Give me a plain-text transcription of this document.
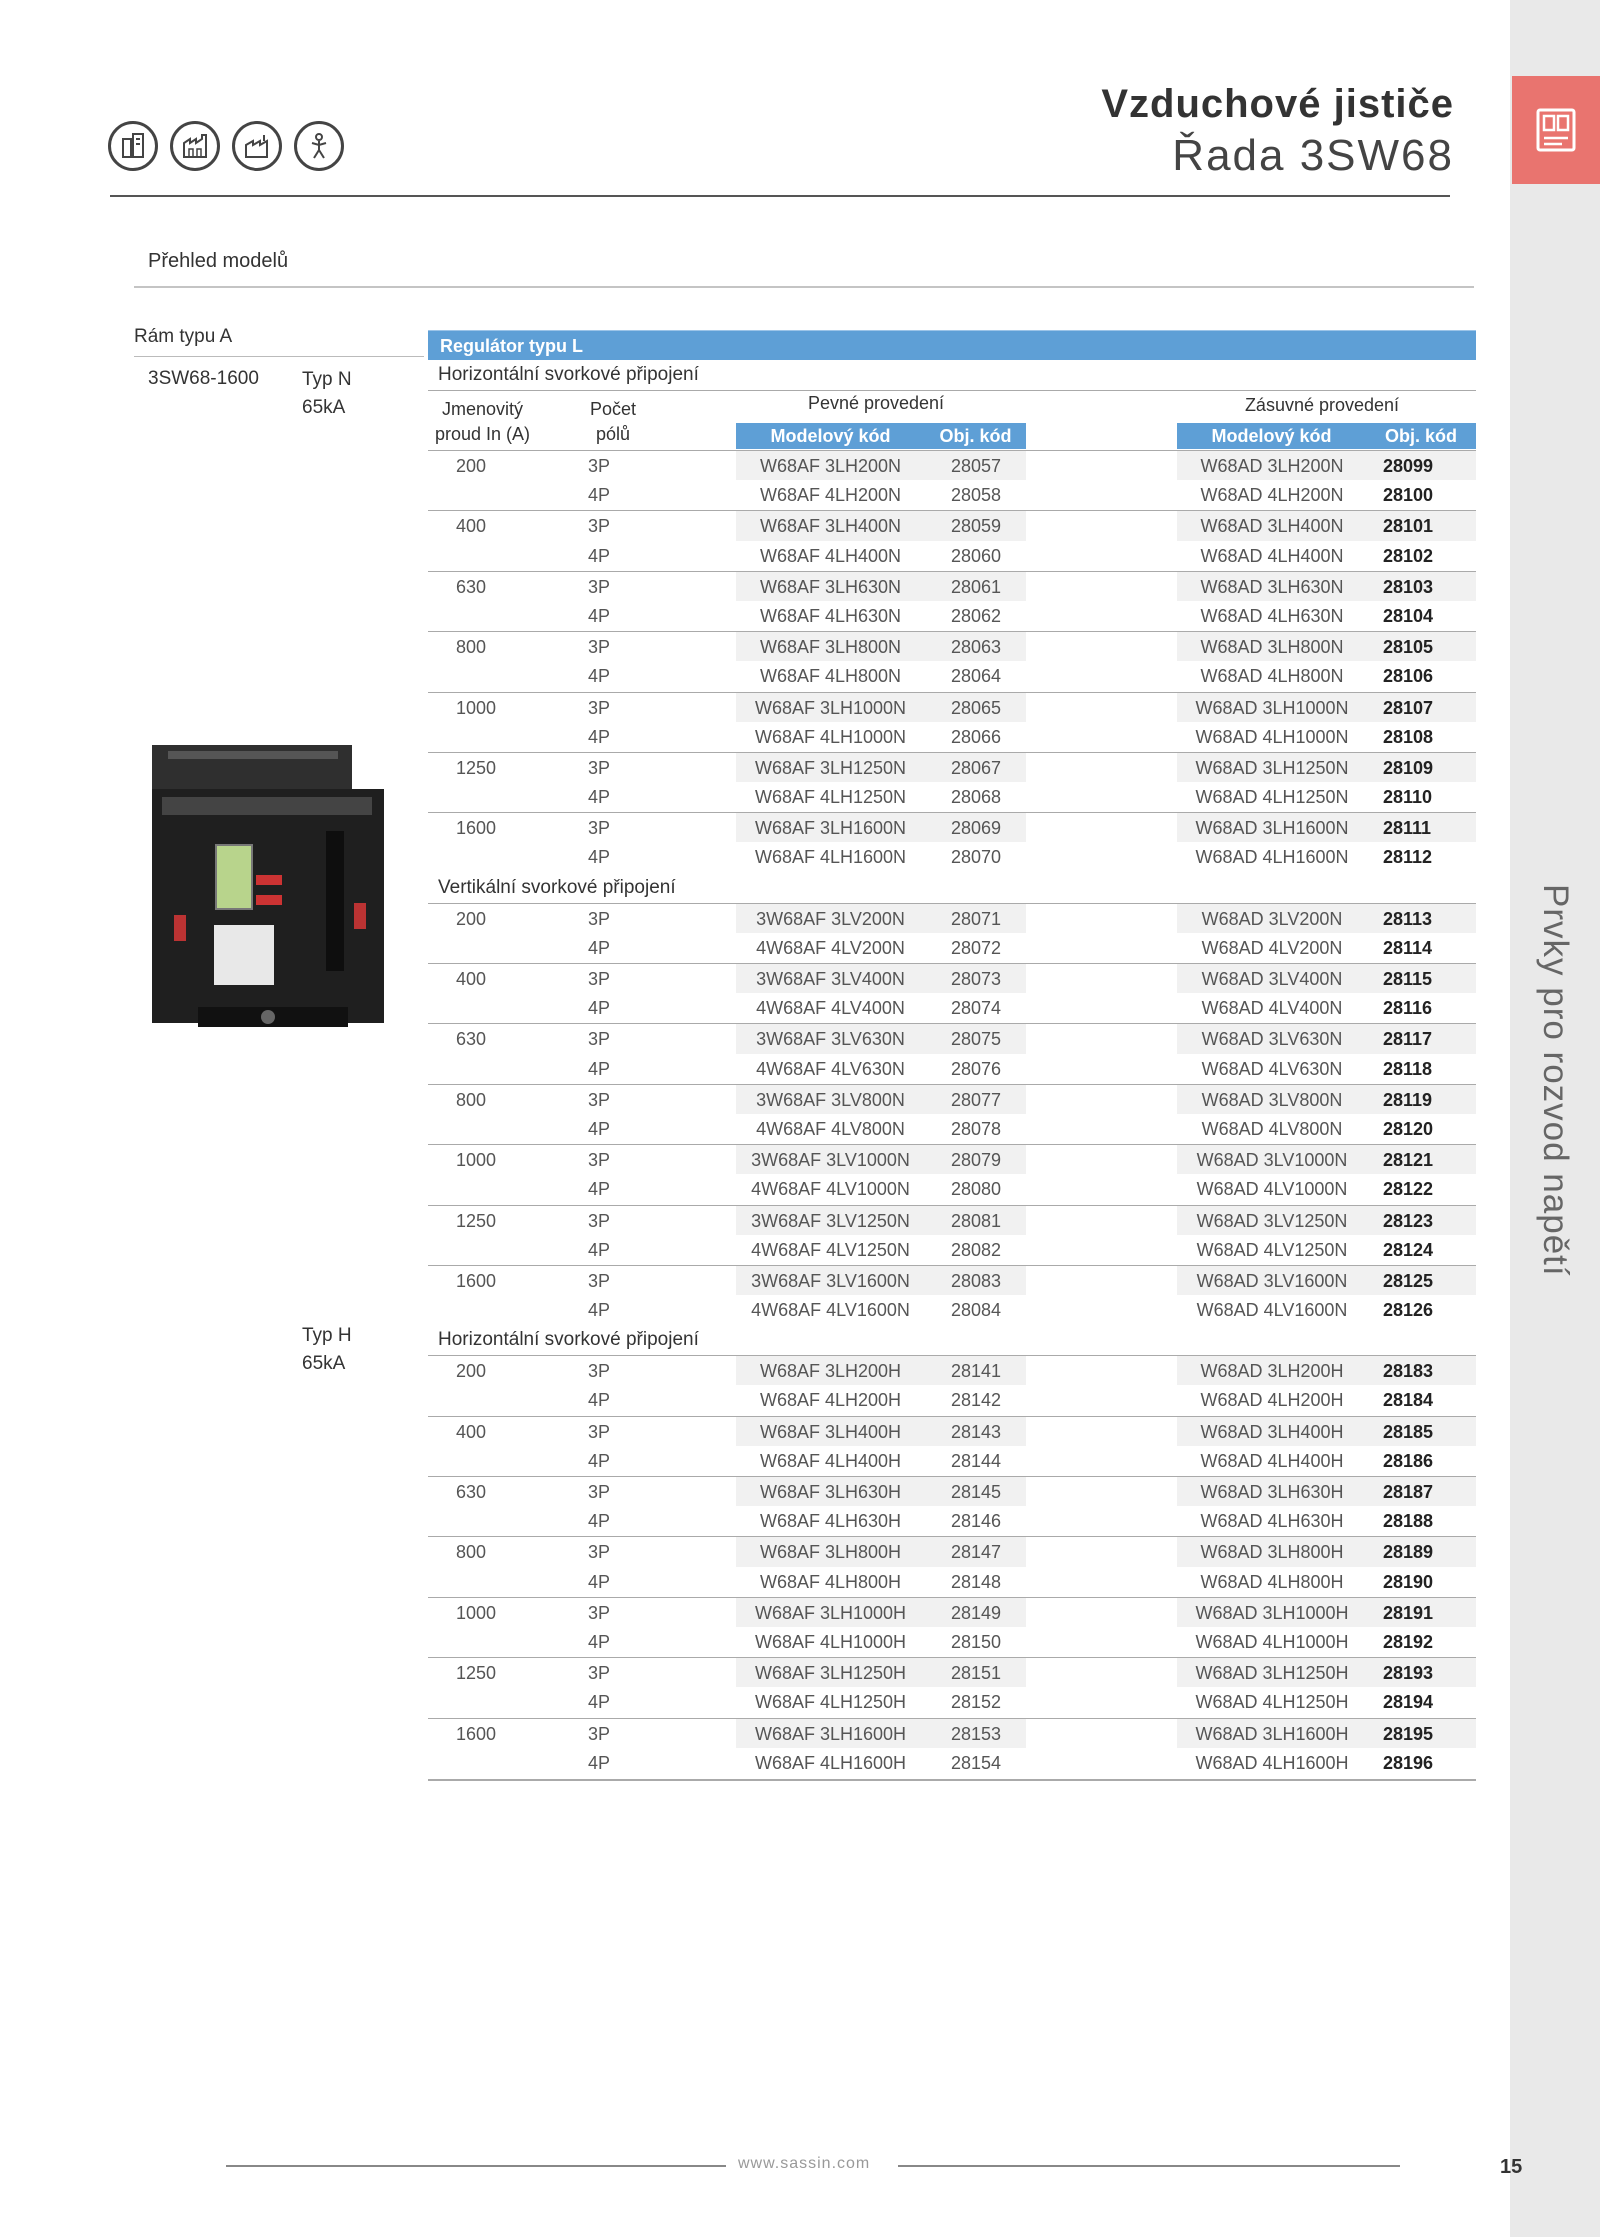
Prvky pro rozvod napětí
Vzduchové jističe
Řada 3SW68
Přehled modelů
Rám typu A
3SW68-1600 Typ N
65kA
Typ H
65kA
Regulátor typu L
Horizontální svorkové připojení
Jmenovitý
proud In (A)
Počet
pólů
Pevné provedení	Zásuvné provedení
Modelový kód	Obj. kód	Modelový kód	Obj. kód
200	3P	W68AF 3LH200N	28057	W68AD 3LH200N	28099
4P	W68AF 4LH200N	28058	W68AD 4LH200N	28100
400	3P	W68AF 3LH400N	28059	W68AD 3LH400N	28101
4P	W68AF 4LH400N	28060	W68AD 4LH400N	28102
630	3P	W68AF 3LH630N	28061	W68AD 3LH630N	28103
4P	W68AF 4LH630N	28062	W68AD 4LH630N	28104
800	3P	W68AF 3LH800N	28063	W68AD 3LH800N	28105
4P	W68AF 4LH800N	28064	W68AD 4LH800N	28106
1000	3P	W68AF 3LH1000N	28065	W68AD 3LH1000N	28107
4P	W68AF 4LH1000N	28066	W68AD 4LH1000N	28108
1250	3P	W68AF 3LH1250N	28067	W68AD 3LH1250N	28109
4P	W68AF 4LH1250N	28068	W68AD 4LH1250N	28110
1600	3P	W68AF 3LH1600N	28069	W68AD 3LH1600N	28111
4P	W68AF 4LH1600N	28070	W68AD 4LH1600N	28112
Vertikální svorkové připojení
200	3P	3W68AF 3LV200N	28071	W68AD 3LV200N	28113
4P	4W68AF 4LV200N	28072	W68AD 4LV200N	28114
400	3P	3W68AF 3LV400N	28073	W68AD 3LV400N	28115
4P	4W68AF 4LV400N	28074	W68AD 4LV400N	28116
630	3P	3W68AF 3LV630N	28075	W68AD 3LV630N	28117
4P	4W68AF 4LV630N	28076	W68AD 4LV630N	28118
800	3P	3W68AF 3LV800N	28077	W68AD 3LV800N	28119
4P	4W68AF 4LV800N	28078	W68AD 4LV800N	28120
1000	3P	3W68AF 3LV1000N	28079	W68AD 3LV1000N	28121
4P	4W68AF 4LV1000N	28080	W68AD 4LV1000N	28122
1250	3P	3W68AF 3LV1250N	28081	W68AD 3LV1250N	28123
4P	4W68AF 4LV1250N	28082	W68AD 4LV1250N	28124
1600	3P	3W68AF 3LV1600N	28083	W68AD 3LV1600N	28125
4P	4W68AF 4LV1600N	28084	W68AD 4LV1600N	28126
Horizontální svorkové připojení
200	3P	W68AF 3LH200H	28141	W68AD 3LH200H	28183
4P	W68AF 4LH200H	28142	W68AD 4LH200H	28184
400	3P	W68AF 3LH400H	28143	W68AD 3LH400H	28185
4P	W68AF 4LH400H	28144	W68AD 4LH400H	28186
630	3P	W68AF 3LH630H	28145	W68AD 3LH630H	28187
4P	W68AF 4LH630H	28146	W68AD 4LH630H	28188
800	3P	W68AF 3LH800H	28147	W68AD 3LH800H	28189
4P	W68AF 4LH800H	28148	W68AD 4LH800H	28190
1000	3P	W68AF 3LH1000H	28149	W68AD 3LH1000H	28191
4P	W68AF 4LH1000H	28150	W68AD 4LH1000H	28192
1250	3P	W68AF 3LH1250H	28151	W68AD 3LH1250H	28193
4P	W68AF 4LH1250H	28152	W68AD 4LH1250H	28194
1600	3P	W68AF 3LH1600H	28153	W68AD 3LH1600H	28195
4P	W68AF 4LH1600H	28154	W68AD 4LH1600H	28196
www.sassin.com	15
